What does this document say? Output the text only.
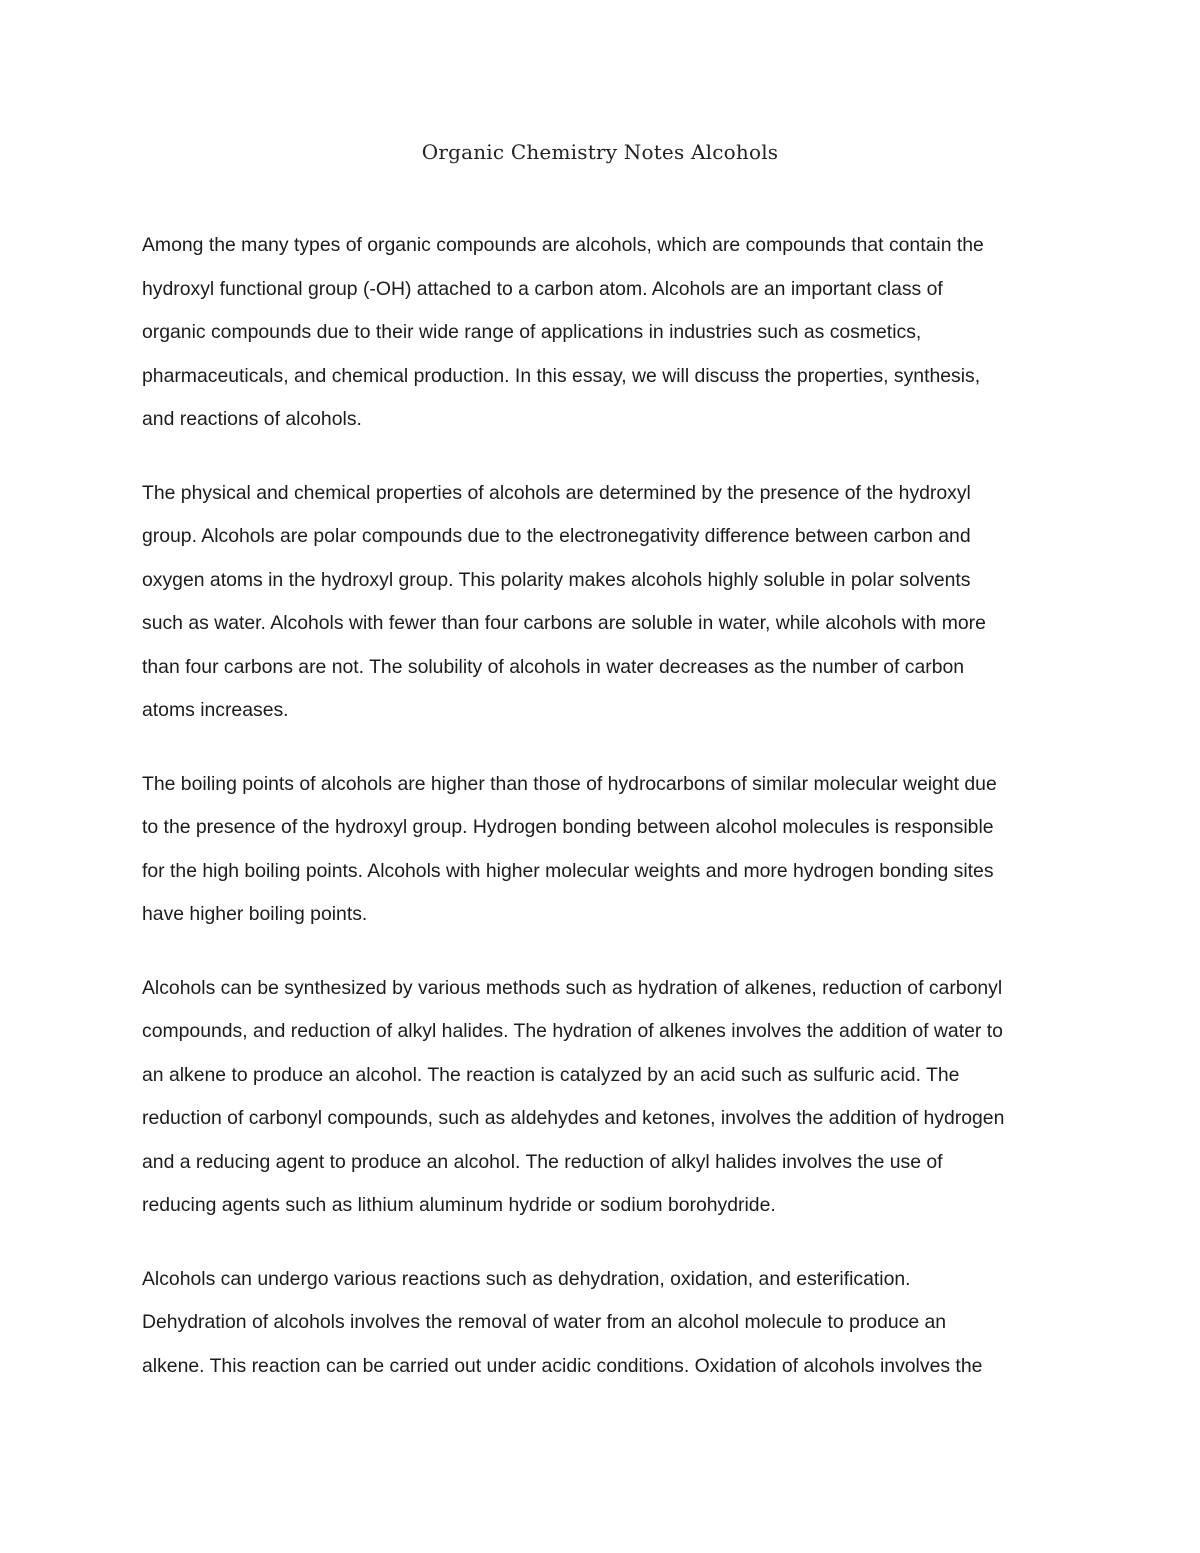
Organic Chemistry Notes Alcohols

Among the many types of organic compounds are alcohols, which are compounds that contain the
hydroxyl functional group (-OH) attached to a carbon atom. Alcohols are an important class of
organic compounds due to their wide range of applications in industries such as cosmetics,
pharmaceuticals, and chemical production. In this essay, we will discuss the properties, synthesis,
and reactions of alcohols.

The physical and chemical properties of alcohols are determined by the presence of the hydroxyl
group. Alcohols are polar compounds due to the electronegativity difference between carbon and
oxygen atoms in the hydroxyl group. This polarity makes alcohols highly soluble in polar solvents
such as water. Alcohols with fewer than four carbons are soluble in water, while alcohols with more
than four carbons are not. The solubility of alcohols in water decreases as the number of carbon
atoms increases.

The boiling points of alcohols are higher than those of hydrocarbons of similar molecular weight due
to the presence of the hydroxyl group. Hydrogen bonding between alcohol molecules is responsible
for the high boiling points. Alcohols with higher molecular weights and more hydrogen bonding sites
have higher boiling points.

Alcohols can be synthesized by various methods such as hydration of alkenes, reduction of carbonyl
compounds, and reduction of alkyl halides. The hydration of alkenes involves the addition of water to
an alkene to produce an alcohol. The reaction is catalyzed by an acid such as sulfuric acid. The
reduction of carbonyl compounds, such as aldehydes and ketones, involves the addition of hydrogen
and a reducing agent to produce an alcohol. The reduction of alkyl halides involves the use of
reducing agents such as lithium aluminum hydride or sodium borohydride.

Alcohols can undergo various reactions such as dehydration, oxidation, and esterification.
Dehydration of alcohols involves the removal of water from an alcohol molecule to produce an
alkene. This reaction can be carried out under acidic conditions. Oxidation of alcohols involves the
